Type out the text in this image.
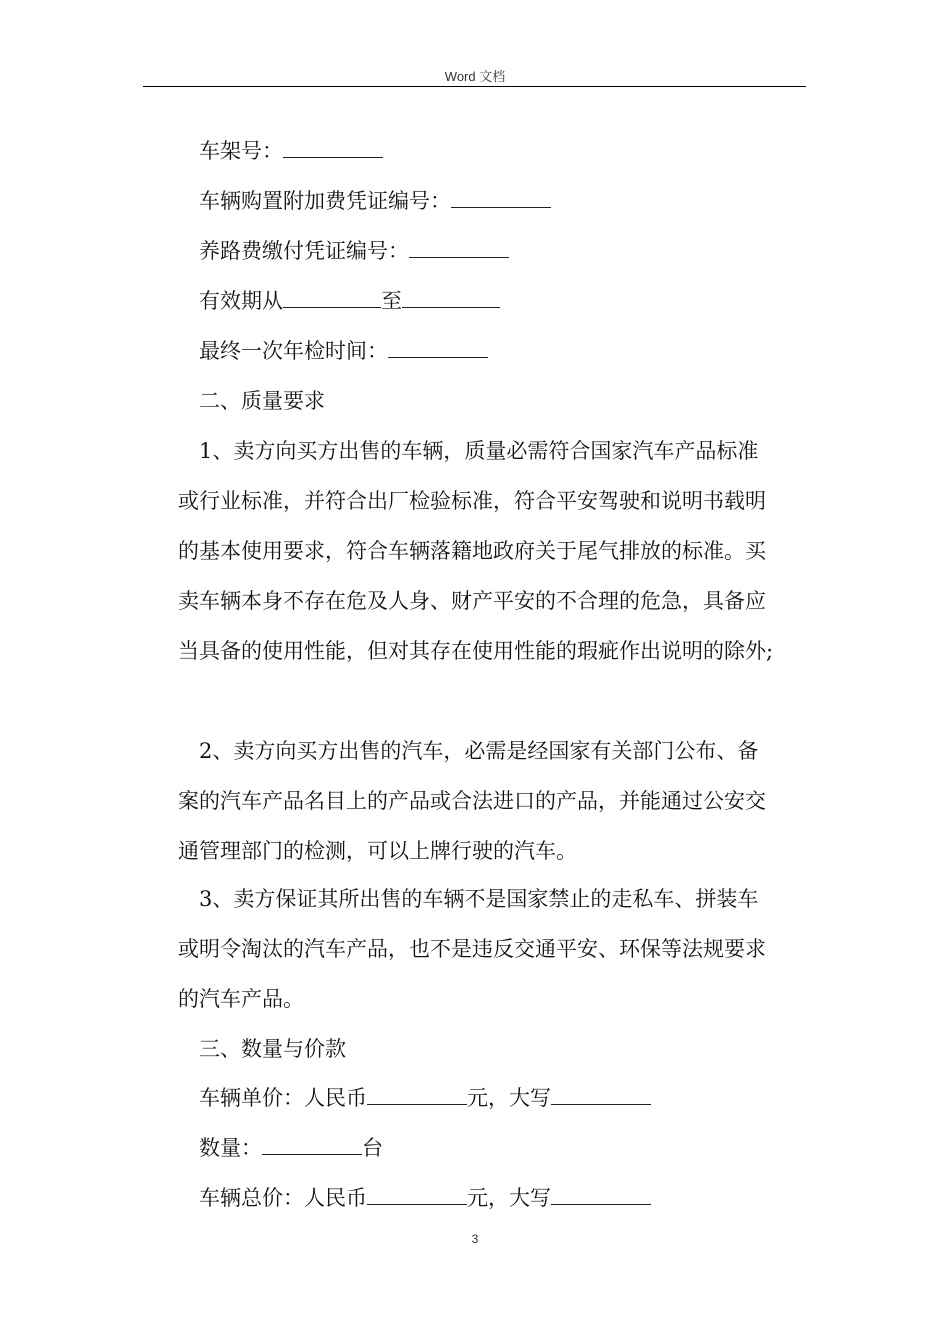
Word 文档
车架号：
车辆购置附加费凭证编号：
养路费缴付凭证编号：
有效期从	至
最终一次年检时间：
二、质量要求
1、卖方向买方出售的车辆，质量必需符合国家汽车产品标准
或行业标准，并符合出厂检验标准，符合平安驾驶和说明书载明
的基本使用要求，符合车辆落籍地政府关于尾气排放的标准。买
卖车辆本身不存在危及人身、财产平安的不合理的危急，具备应
当具备的使用性能，但对其存在使用性能的瑕疵作出说明的除外;
2、卖方向买方出售的汽车，必需是经国家有关部门公布、备
案的汽车产品名目上的产品或合法进口的产品，并能通过公安交
通管理部门的检测，可以上牌行驶的汽车。
3、卖方保证其所出售的车辆不是国家禁止的走私车、拼装车
或明令淘汰的汽车产品，也不是违反交通平安、环保等法规要求
的汽车产品。
三、数量与价款
车辆单价：人民币	元，大写
数量：	台
车辆总价：人民币	元，大写
3
